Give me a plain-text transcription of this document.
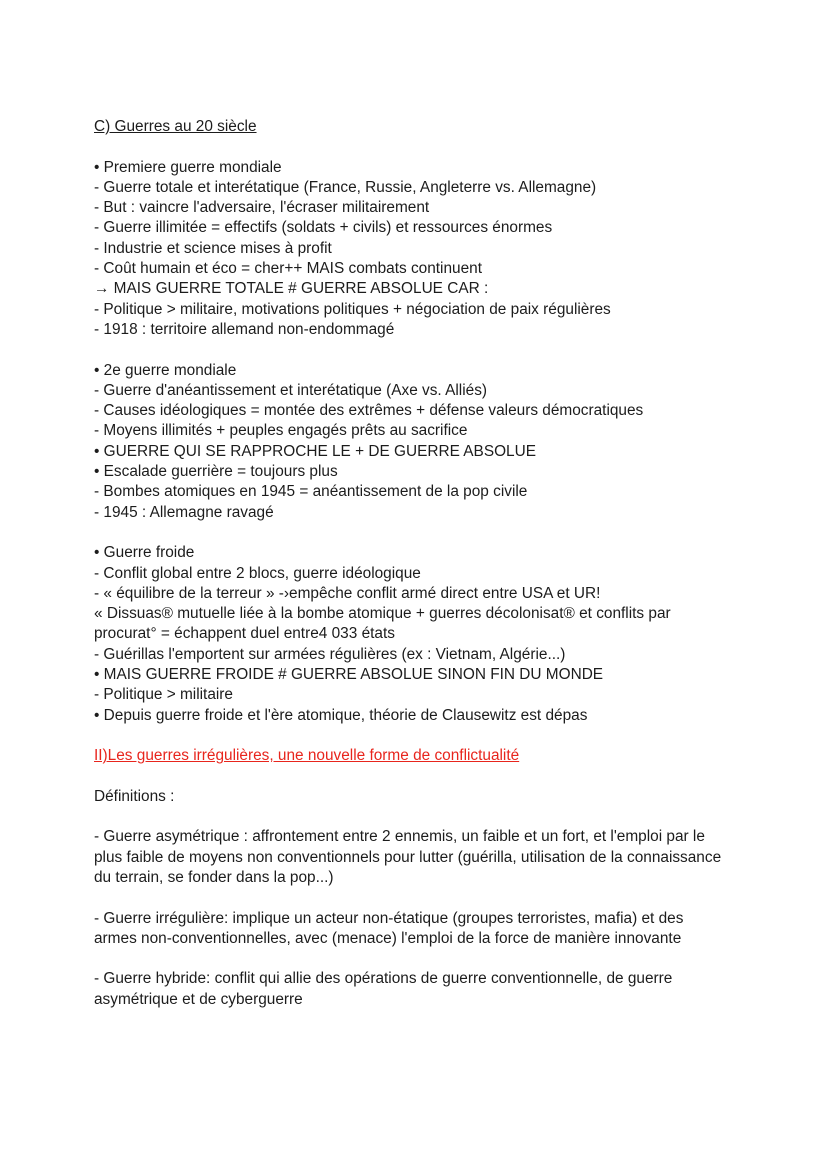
C) Guerres au 20 siècle
• Premiere guerre mondiale
- Guerre totale et interétatique (France, Russie, Angleterre vs. Allemagne)
- But : vaincre l'adversaire, l'écraser militairement
- Guerre illimitée = effectifs (soldats + civils) et ressources énormes
- Industrie et science mises à profit
- Coût humain et éco = cher++ MAIS combats continuent
→ MAIS GUERRE TOTALE # GUERRE ABSOLUE CAR :
- Politique > militaire, motivations politiques + négociation de paix régulières
- 1918 : territoire allemand non-endommagé
• 2e guerre mondiale
- Guerre d'anéantissement et interétatique (Axe vs. Alliés)
- Causes idéologiques = montée des extrêmes + défense valeurs démocratiques
- Moyens illimités + peuples engagés prêts au sacrifice
• GUERRE QUI SE RAPPROCHE LE + DE GUERRE ABSOLUE
• Escalade guerrière = toujours plus
- Bombes atomiques en 1945 = anéantissement de la pop civile
- 1945 : Allemagne ravagé
• Guerre froide
- Conflit global entre 2 blocs, guerre idéologique
- « équilibre de la terreur » -›empêche conflit armé direct entre USA et UR!
« Dissuas® mutuelle liée à la bombe atomique + guerres décolonisat® et conflits par procurat° = échappent duel entre4 033 états
- Guérillas l'emportent sur armées régulières (ex : Vietnam, Algérie...)
• MAIS GUERRE FROIDE # GUERRE ABSOLUE SINON FIN DU MONDE
- Politique > militaire
• Depuis guerre froide et l'ère atomique, théorie de Clausewitz est dépas
II)Les guerres irrégulières, une nouvelle forme de conflictualité
Définitions :

- Guerre asymétrique : affrontement entre 2 ennemis, un faible et un fort, et l'emploi par le plus faible de moyens non conventionnels pour lutter (guérilla, utilisation de la connaissance du terrain, se fonder dans la pop...)

- Guerre irrégulière: implique un acteur non-étatique (groupes terroristes, mafia) et des armes non-conventionnelles, avec (menace) l'emploi de la force de manière innovante

- Guerre hybride: conflit qui allie des opérations de guerre conventionnelle, de guerre asymétrique et de cyberguerre
